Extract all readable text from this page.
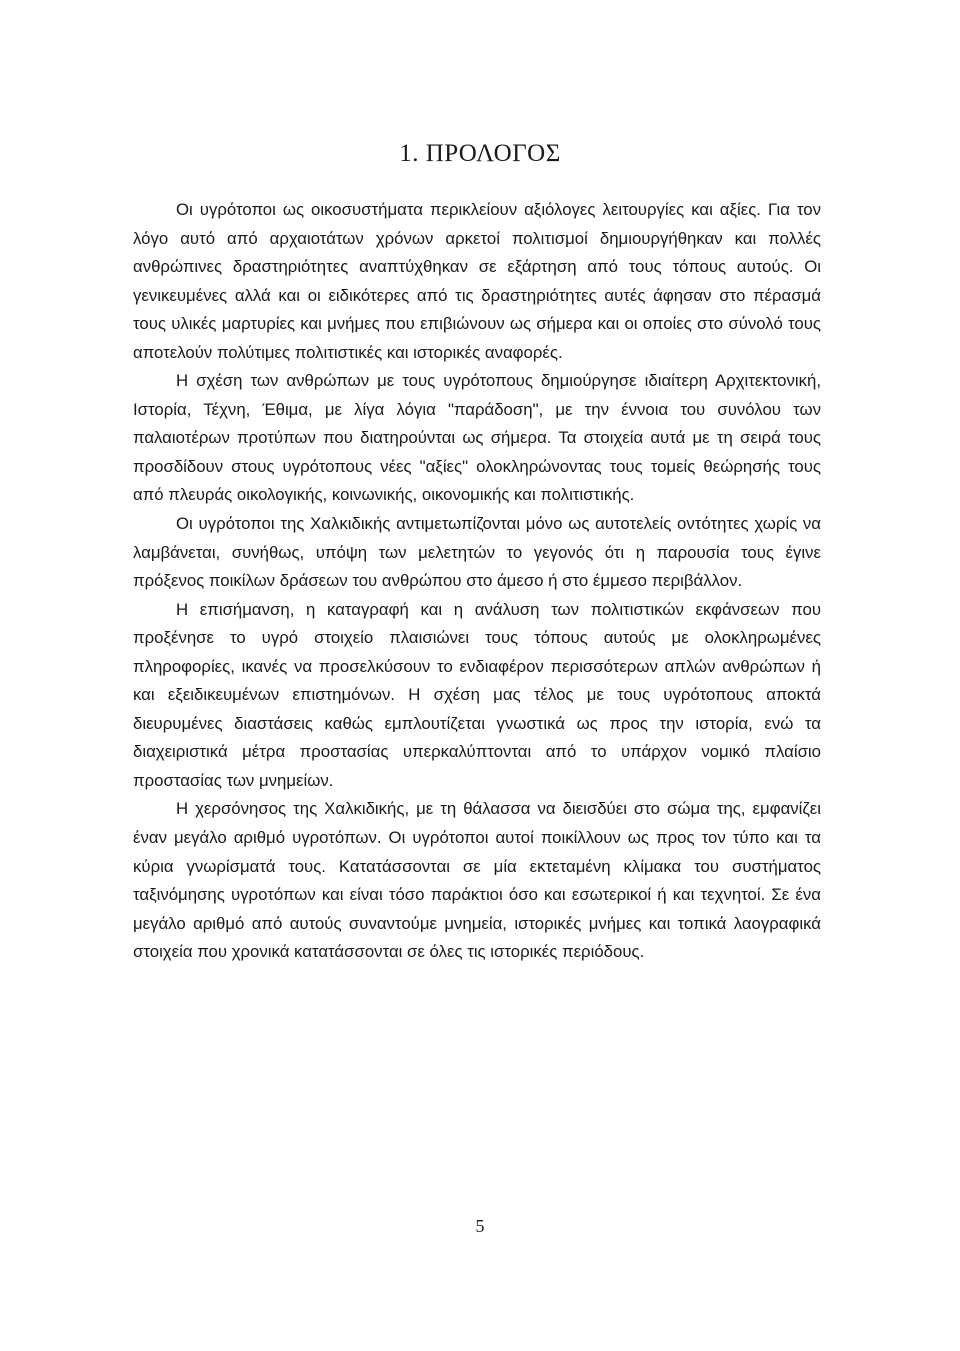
1. ΠΡΟΛΟΓΟΣ

Οι υγρότοποι ως οικοσυστήματα περικλείουν αξιόλογες λειτουργίες και αξίες. Για τον λόγο αυτό από αρχαιοτάτων χρόνων αρκετοί πολιτισμοί δημιουργήθηκαν και πολλές ανθρώπινες δραστηριότητες αναπτύχθηκαν σε εξάρτηση από τους τόπους αυτούς. Οι γενικευμένες αλλά και οι ειδικότερες από τις δραστηριότητες αυτές άφησαν στο πέρασμά τους υλικές μαρτυρίες και μνήμες που επιβιώνουν ως σήμερα και οι οποίες στο σύνολό τους αποτελούν πολύτιμες πολιτιστικές και ιστορικές αναφορές.

Η σχέση των ανθρώπων με τους υγρότοπους δημιούργησε ιδιαίτερη Αρχιτεκτονική, Ιστορία, Τέχνη, Έθιμα, με λίγα λόγια "παράδοση", με την έννοια του συνόλου των παλαιοτέρων προτύπων που διατηρούνται ως σήμερα. Τα στοιχεία αυτά με τη σειρά τους προσδίδουν στους υγρότοπους νέες "αξίες" ολοκληρώνοντας τους τομείς θεώρησής τους από πλευράς οικολογικής, κοινωνικής, οικονομικής και πολιτιστικής.

Οι υγρότοποι της Χαλκιδικής αντιμετωπίζονται μόνο ως αυτοτελείς οντότητες χωρίς να λαμβάνεται, συνήθως, υπόψη των μελετητών το γεγονός ότι η παρουσία τους έγινε πρόξενος ποικίλων δράσεων του ανθρώπου στο άμεσο ή στο έμμεσο περιβάλλον.

Η επισήμανση, η καταγραφή και η ανάλυση των πολιτιστικών εκφάνσεων που προξένησε το υγρό στοιχείο πλαισιώνει τους τόπους αυτούς με ολοκληρωμένες πληροφορίες, ικανές να προσελκύσουν το ενδιαφέρον περισσότερων απλών ανθρώπων ή και εξειδικευμένων επιστημόνων. Η σχέση μας τέλος με τους υγρότοπους αποκτά διευρυμένες διαστάσεις καθώς εμπλουτίζεται γνωστικά ως προς την ιστορία, ενώ τα διαχειριστικά μέτρα προστασίας υπερκαλύπτονται από το υπάρχον νομικό πλαίσιο προστασίας των μνημείων.

Η χερσόνησος της Χαλκιδικής, με τη θάλασσα να διεισδύει στο σώμα της, εμφανίζει έναν μεγάλο αριθμό υγροτόπων. Οι υγρότοποι αυτοί ποικίλλουν ως προς τον τύπο και τα κύρια γνωρίσματά τους. Κατατάσσονται σε μία εκτεταμένη κλίμακα του συστήματος ταξινόμησης υγροτόπων και είναι τόσο παράκτιοι όσο και εσωτερικοί ή και τεχνητοί. Σε ένα μεγάλο αριθμό από αυτούς συναντούμε μνημεία, ιστορικές μνήμες και τοπικά λαογραφικά στοιχεία που χρονικά κατατάσσονται σε όλες τις ιστορικές περιόδους.

5
